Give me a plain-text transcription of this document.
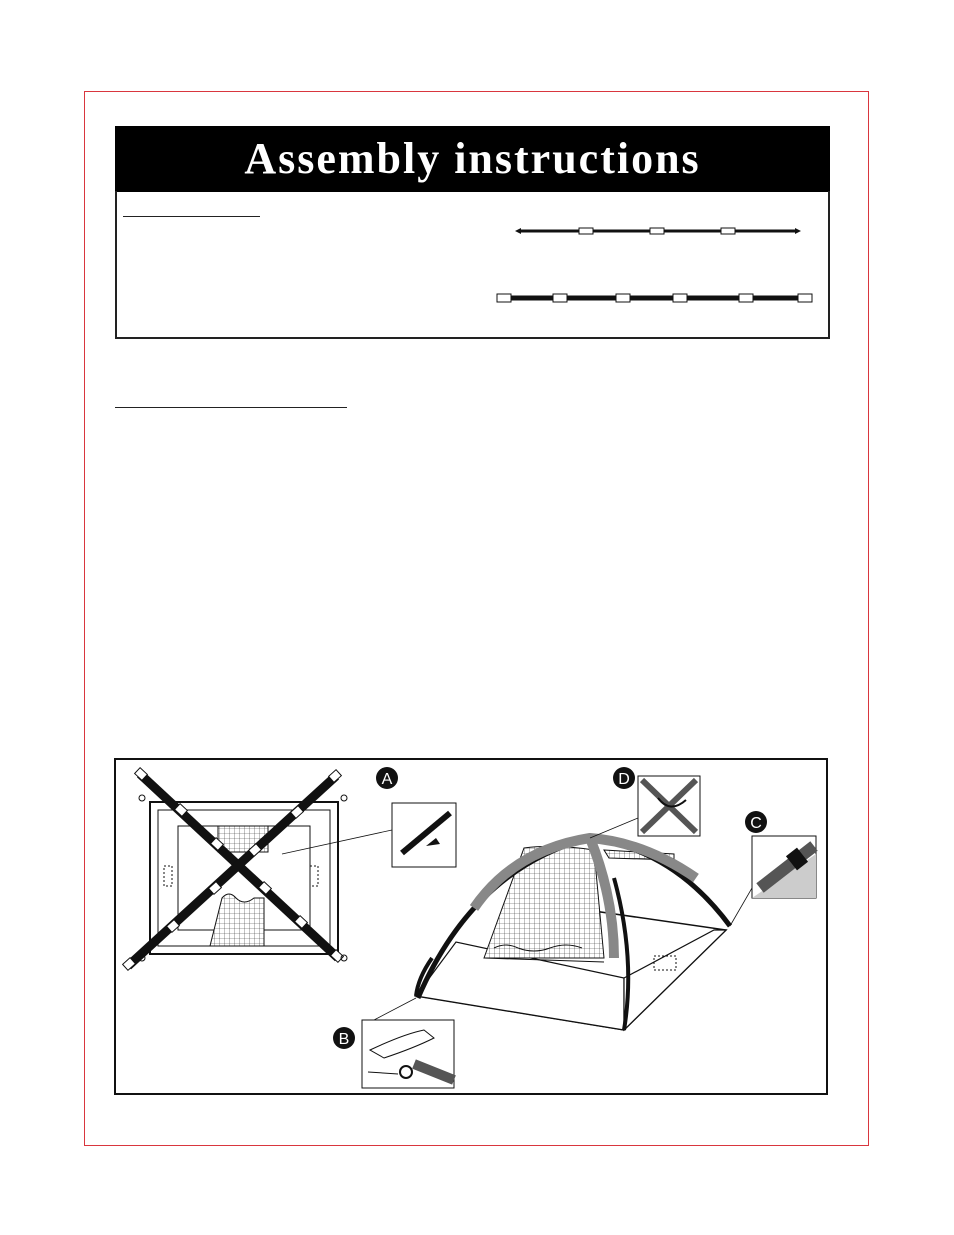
Assembly instructions
A	D
C
B
